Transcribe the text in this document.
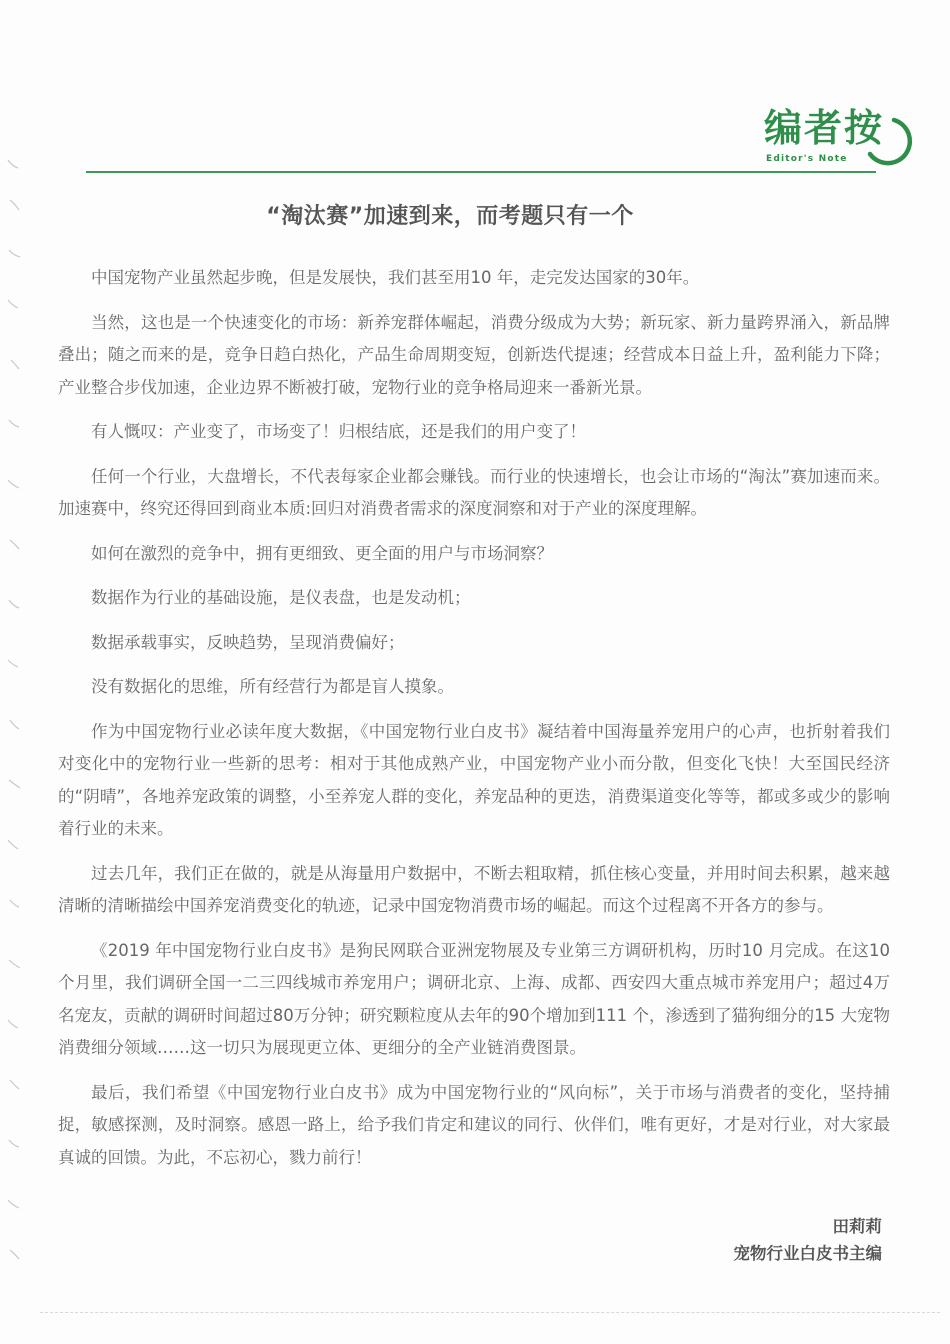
编者按
Editor's Note
“淘汰赛”加速到来，而考题只有一个

中国宠物产业虽然起步晚，但是发展快，我们甚至用10 年，走完发达国家的30年。

当然，这也是一个快速变化的市场：新养宠群体崛起，消费分级成为大势；新玩家、新力量跨界涌入，新品牌叠出；随之而来的是，竞争日趋白热化，产品生命周期变短，创新迭代提速；经营成本日益上升，盈利能力下降；产业整合步伐加速，企业边界不断被打破，宠物行业的竞争格局迎来一番新光景。

有人慨叹：产业变了，市场变了！归根结底，还是我们的用户变了！

任何一个行业，大盘增长，不代表每家企业都会赚钱。而行业的快速增长，也会让市场的“淘汰”赛加速而来。加速赛中，终究还得回到商业本质:回归对消费者需求的深度洞察和对于产业的深度理解。

如何在激烈的竞争中，拥有更细致、更全面的用户与市场洞察？

数据作为行业的基础设施，是仪表盘，也是发动机；

数据承载事实，反映趋势，呈现消费偏好；

没有数据化的思维，所有经营行为都是盲人摸象。

作为中国宠物行业必读年度大数据，《中国宠物行业白皮书》凝结着中国海量养宠用户的心声，也折射着我们对变化中的宠物行业一些新的思考：相对于其他成熟产业，中国宠物产业小而分散，但变化飞快！大至国民经济的“阴晴”，各地养宠政策的调整，小至养宠人群的变化，养宠品种的更迭，消费渠道变化等等，都或多或少的影响着行业的未来。

过去几年，我们正在做的，就是从海量用户数据中，不断去粗取精，抓住核心变量，并用时间去积累，越来越清晰的清晰描绘中国养宠消费变化的轨迹，记录中国宠物消费市场的崛起。而这个过程离不开各方的参与。

《2019 年中国宠物行业白皮书》是狗民网联合亚洲宠物展及专业第三方调研机构，历时10 月完成。在这10 个月里，我们调研全国一二三四线城市养宠用户；调研北京、上海、成都、西安四大重点城市养宠用户；超过4万名宠友，贡献的调研时间超过80万分钟；研究颗粒度从去年的90个增加到111 个，渗透到了猫狗细分的15 大宠物消费细分领域……这一切只为展现更立体、更细分的全产业链消费图景。

最后，我们希望《中国宠物行业白皮书》成为中国宠物行业的“风向标”，关于市场与消费者的变化，坚持捕捉，敏感探测，及时洞察。感恩一路上，给予我们肯定和建议的同行、伙伴们，唯有更好，才是对行业，对大家最真诚的回馈。为此，不忘初心，戮力前行！

田莉莉
宠物行业白皮书主编
